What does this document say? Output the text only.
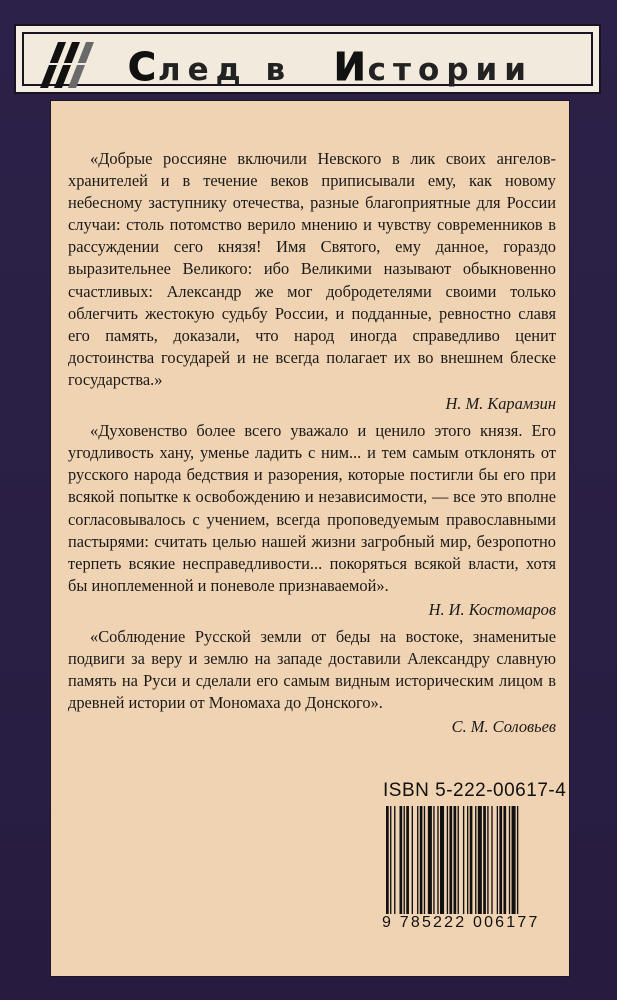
След в Истории

«Добрые россияне включили Невского в лик своих ангелов-хранителей и в течение веков приписывали ему, как новому небесному заступнику отечества, разные благоприятные для России случаи: столь потомство верило мнению и чувству современников в рассуждении сего князя! Имя Святого, ему данное, гораздо выразительнее Великого: ибо Великими называют обыкновенно счастливых: Александр же мог добродетелями своими только облегчить жестокую судьбу России, и подданные, ревностно славя его память, доказали, что народ иногда справедливо ценит достоинства государей и не всегда полагает их во внешнем блеске государства.»

Н. М. Карамзин

«Духовенство более всего уважало и ценило этого князя. Его угодливость хану, уменье ладить с ним... и тем самым отклонять от русского народа бедствия и разорения, которые постигли бы его при всякой попытке к освобождению и независимости, — все это вполне согласовывалось с учением, всегда проповедуемым православными пастырями: считать целью нашей жизни загробный мир, безропотно терпеть всякие несправедливости... покоряться всякой власти, хотя бы иноплеменной и поневоле признаваемой».

Н. И. Костомаров

«Соблюдение Русской земли от беды на востоке, знаменитые подвиги за веру и землю на западе доставили Александру славную память на Руси и сделали его самым видным историческим лицом в древней истории от Мономаха до Донского».

С. М. Соловьев
ISBN 5-222-00617-4
9 785222 006177
